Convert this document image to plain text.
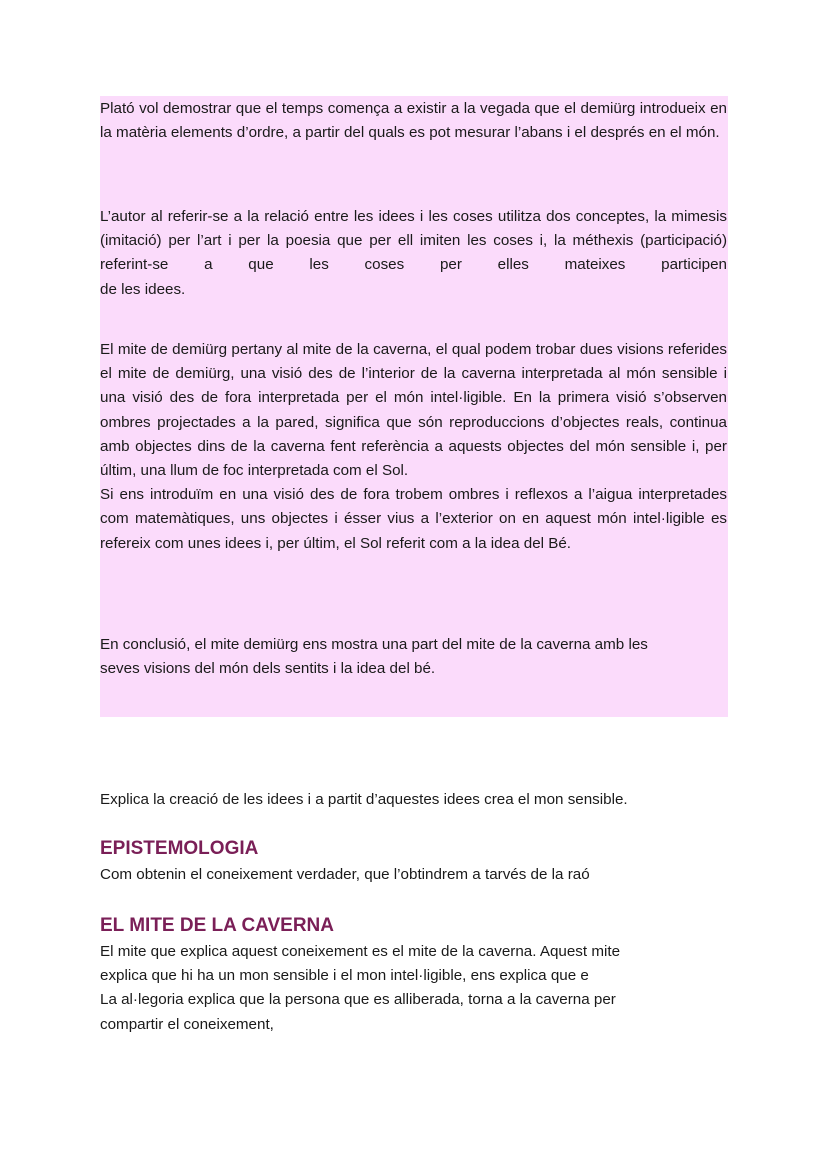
Plató vol demostrar que el temps comença a existir a la vegada que el demiürg introdueix en la matèria elements d’ordre, a partir del quals es pot mesurar l’abans i el després en el món.

L’autor al referir-se a la relació entre les idees i les coses utilitza dos conceptes, la mimesis (imitació) per l’art i per la poesia que per ell imiten les coses i, la méthexis (participació) referint-se a que les coses per elles mateixes participen
de les idees.

El mite de demiürg pertany al mite de la caverna, el qual podem trobar dues visions referides el mite de demiürg, una visió des de l’interior de la caverna interpretada al món sensible i una visió des de fora interpretada per el món intel·ligible. En la primera visió s’observen ombres projectades a la pared, significa que són reproduccions d’objectes reals, continua amb objectes dins de la caverna fent referència a aquests objectes del món sensible i, per últim, una llum de foc interpretada com el Sol.
Si ens introduïm en una visió des de fora trobem ombres i reflexos a l’aigua interpretades com matemàtiques, uns objectes i ésser vius a l’exterior on en aquest món intel·ligible es refereix com unes idees i, per últim, el Sol referit com a la idea del Bé.

En conclusió, el mite demiürg ens mostra una part del mite de la caverna amb les
seves visions del món dels sentits i la idea del bé.

Explica la creació de les idees i a partit d’aquestes idees crea el mon sensible.

EPISTEMOLOGIA

Com obtenin el coneixement verdader, que l’obtindrem a tarvés de la raó

EL MITE DE LA CAVERNA

El mite que explica aquest coneixement es el mite de la caverna. Aquest mite
explica que hi ha un mon sensible i el mon intel·ligible, ens explica que e
La al·legoria explica que la persona que es alliberada, torna a la caverna per
compartir el coneixement,
